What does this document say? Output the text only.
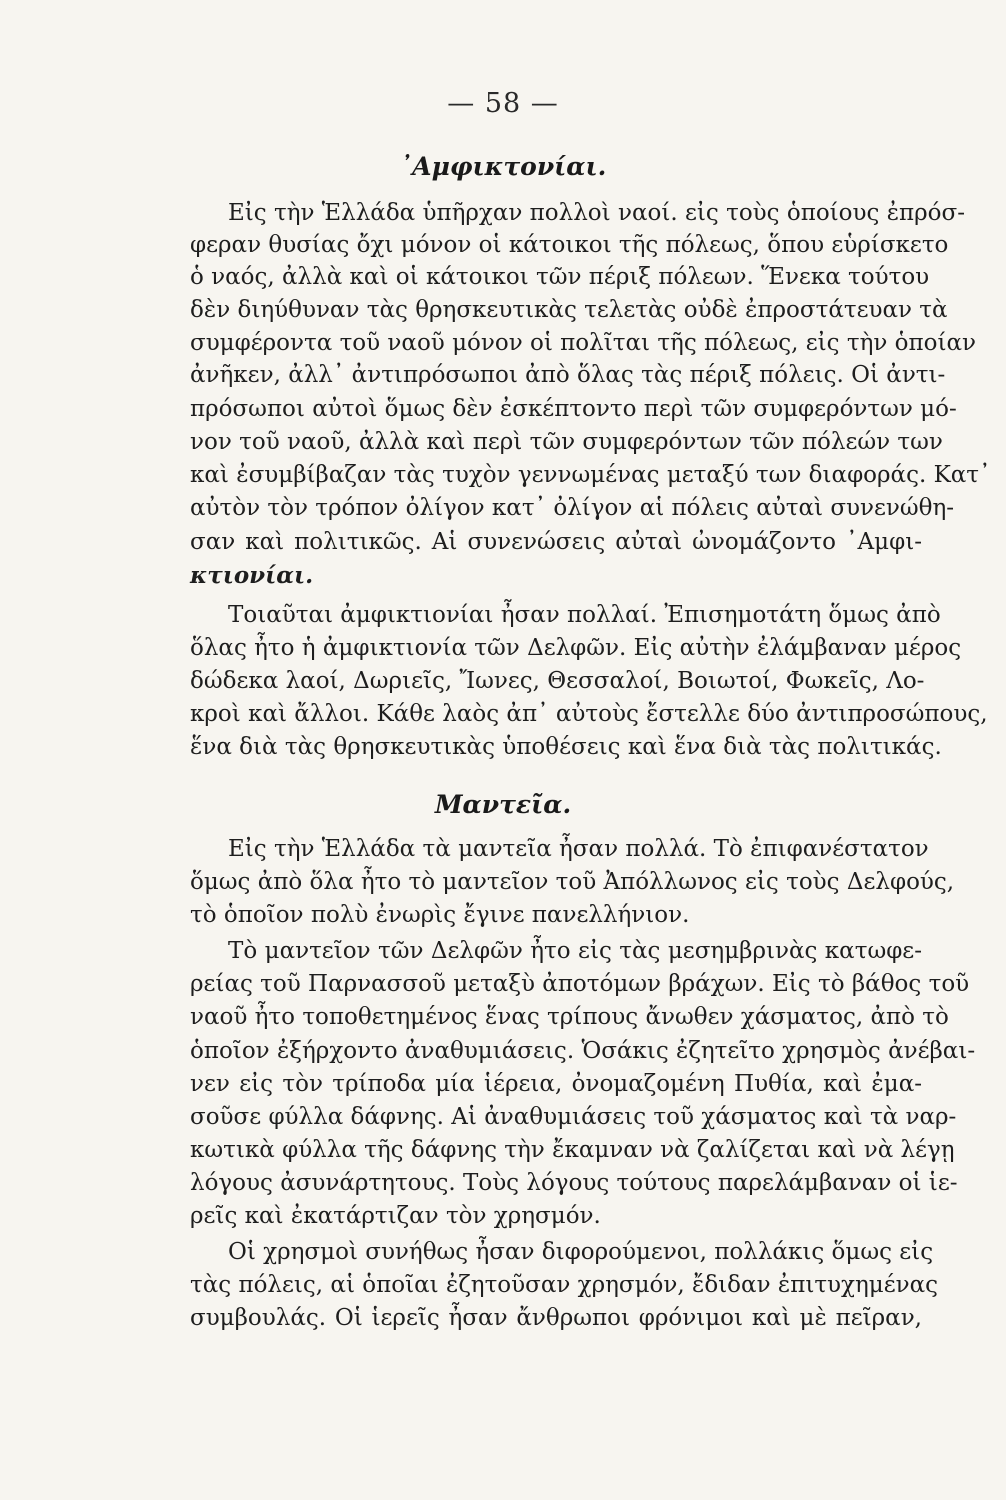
— 58 —
᾿Αμφικτονίαι.
Εἰς τὴν Ἑλλάδα ὑπῆρχαν πολλοὶ ναοί. εἰς τοὺς ὁποίους ἐπρόσ-
φεραν θυσίας ὄχι μόνον οἱ κάτοικοι τῆς πόλεως, ὅπου εὑρίσκετο
ὁ ναός, ἀλλὰ καὶ οἱ κάτοικοι τῶν πέριξ πόλεων. Ἕνεκα τούτου
δὲν διηύθυναν τὰς θρησκευτικὰς τελετὰς οὐδὲ ἐπροστάτευαν τὰ
συμφέροντα τοῦ ναοῦ μόνον οἱ πολῖται τῆς πόλεως, εἰς τὴν ὁποίαν
ἀνῆκεν, ἀλλ᾿ ἀντιπρόσωποι ἀπὸ ὅλας τὰς πέριξ πόλεις. Οἱ ἀντι-
πρόσωποι αὐτοὶ ὅμως δὲν ἐσκέπτοντο περὶ τῶν συμφερόντων μό-
νον τοῦ ναοῦ, ἀλλὰ καὶ περὶ τῶν συμφερόντων τῶν πόλεών των
καὶ ἐσυμβίβαζαν τὰς τυχὸν γεννωμένας μεταξύ των διαφοράς. Κατ᾿
αὐτὸν τὸν τρόπον ὀλίγον κατ᾿ ὀλίγον αἱ πόλεις αὐταὶ συνενώθη-
σαν καὶ πολιτικῶς. Αἱ συνενώσεις αὐταὶ ὠνομάζοντο ᾿Αμφι-
κτιονίαι.
Τοιαῦται ἀμφικτιονίαι ἦσαν πολλαί. Ἐπισημοτάτη ὅμως ἀπὸ
ὅλας ἦτο ἡ ἀμφικτιονία τῶν Δελφῶν. Εἰς αὐτὴν ἐλάμβαναν μέρος
δώδεκα λαοί, Δωριεῖς, Ἴωνες, Θεσσαλοί, Βοιωτοί, Φωκεῖς, Λο-
κροὶ καὶ ἄλλοι. Κάθε λαὸς ἀπ᾿ αὐτοὺς ἔστελλε δύο ἀντιπροσώπους,
ἕνα διὰ τὰς θρησκευτικὰς ὑποθέσεις καὶ ἕνα διὰ τὰς πολιτικάς.
Μαντεῖα.
Εἰς τὴν Ἑλλάδα τὰ μαντεῖα ἦσαν πολλά. Τὸ ἐπιφανέστατον
ὅμως ἀπὸ ὅλα ἦτο τὸ μαντεῖον τοῦ Ἀπόλλωνος εἰς τοὺς Δελφούς,
τὸ ὁποῖον πολὺ ἐνωρὶς ἔγινε πανελλήνιον.
Τὸ μαντεῖον τῶν Δελφῶν ἦτο εἰς τὰς μεσημβρινὰς κατωφε-
ρείας τοῦ Παρνασσοῦ μεταξὺ ἀποτόμων βράχων. Εἰς τὸ βάθος τοῦ
ναοῦ ἦτο τοποθετημένος ἕνας τρίπους ἄνωθεν χάσματος, ἀπὸ τὸ
ὁποῖον ἐξήρχοντο ἀναθυμιάσεις. Ὁσάκις ἐζητεῖτο χρησμὸς ἀνέβαι-
νεν εἰς τὸν τρίποδα μία ἱέρεια, ὀνομαζομένη Πυθία, καὶ ἐμα-
σοῦσε φύλλα δάφνης. Αἱ ἀναθυμιάσεις τοῦ χάσματος καὶ τὰ ναρ-
κωτικὰ φύλλα τῆς δάφνης τὴν ἔκαμναν νὰ ζαλίζεται καὶ νὰ λέγῃ
λόγους ἀσυνάρτητους. Τοὺς λόγους τούτους παρελάμβαναν οἱ ἱε-
ρεῖς καὶ ἐκατάρτιζαν τὸν χρησμόν.
Οἱ χρησμοὶ συνήθως ἦσαν διφορούμενοι, πολλάκις ὅμως εἰς
τὰς πόλεις, αἱ ὁποῖαι ἐζητοῦσαν χρησμόν, ἔδιδαν ἐπιτυχημένας
συμβουλάς. Οἱ ἱερεῖς ἦσαν ἄνθρωποι φρόνιμοι καὶ μὲ πεῖραν,
